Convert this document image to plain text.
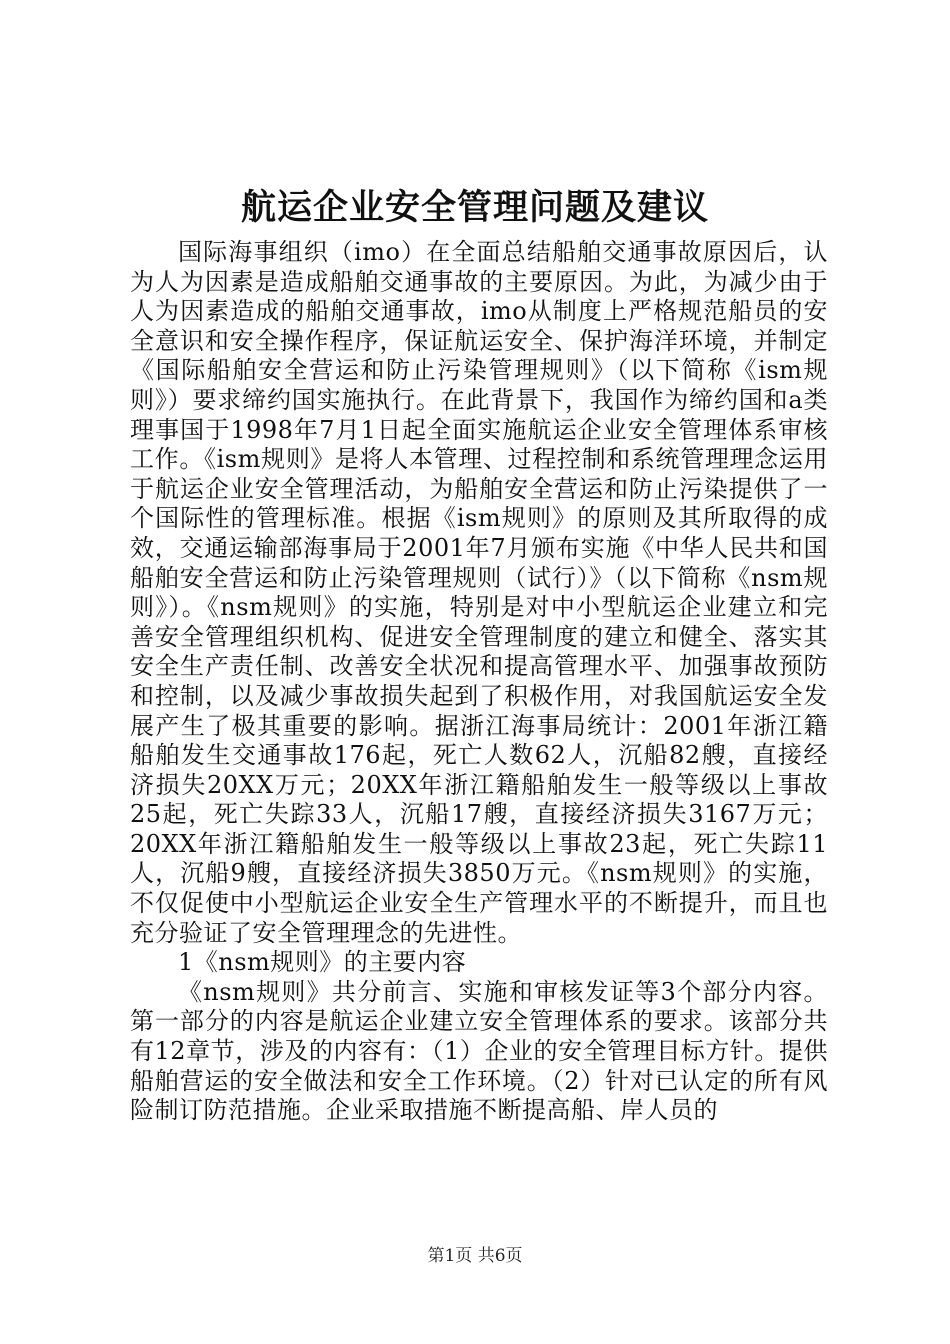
航运企业安全管理问题及建议

国际海事组织（imo）在全面总结船舶交通事故原因后，认为人为因素是造成船舶交通事故的主要原因。为此，为减少由于人为因素造成的船舶交通事故，imo从制度上严格规范船员的安全意识和安全操作程序，保证航运安全、保护海洋环境，并制定《国际船舶安全营运和防止污染管理规则》（以下简称《ism规则》）要求缔约国实施执行。在此背景下，我国作为缔约国和a类理事国于1998年7月1日起全面实施航运企业安全管理体系审核工作。《ism规则》是将人本管理、过程控制和系统管理理念运用于航运企业安全管理活动，为船舶安全营运和防止污染提供了一个国际性的管理标准。根据《ism规则》的原则及其所取得的成效，交通运输部海事局于2001年7月颁布实施《中华人民共和国船舶安全营运和防止污染管理规则（试行）》（以下简称《nsm规则》）。《nsm规则》的实施，特别是对中小型航运企业建立和完善安全管理组织机构、促进安全管理制度的建立和健全、落实其安全生产责任制、改善安全状况和提高管理水平、加强事故预防和控制，以及减少事故损失起到了积极作用，对我国航运安全发展产生了极其重要的影响。据浙江海事局统计：2001年浙江籍船舶发生交通事故176起，死亡人数62人，沉船82艘，直接经济损失20XX万元；20XX年浙江籍船舶发生一般等级以上事故25起，死亡失踪33人，沉船17艘，直接经济损失3167万元；20XX年浙江籍船舶发生一般等级以上事故23起，死亡失踪11人，沉船9艘，直接经济损失3850万元。《nsm规则》的实施，不仅促使中小型航运企业安全生产管理水平的不断提升，而且也充分验证了安全管理理念的先进性。

1《nsm规则》的主要内容

《nsm规则》共分前言、实施和审核发证等3个部分内容。第一部分的内容是航运企业建立安全管理体系的要求。该部分共有12章节，涉及的内容有：（1）企业的安全管理目标方针。提供船舶营运的安全做法和安全工作环境。（2）针对已认定的所有风险制订防范措施。企业采取措施不断提高船、岸人员的

第1页 共6页
